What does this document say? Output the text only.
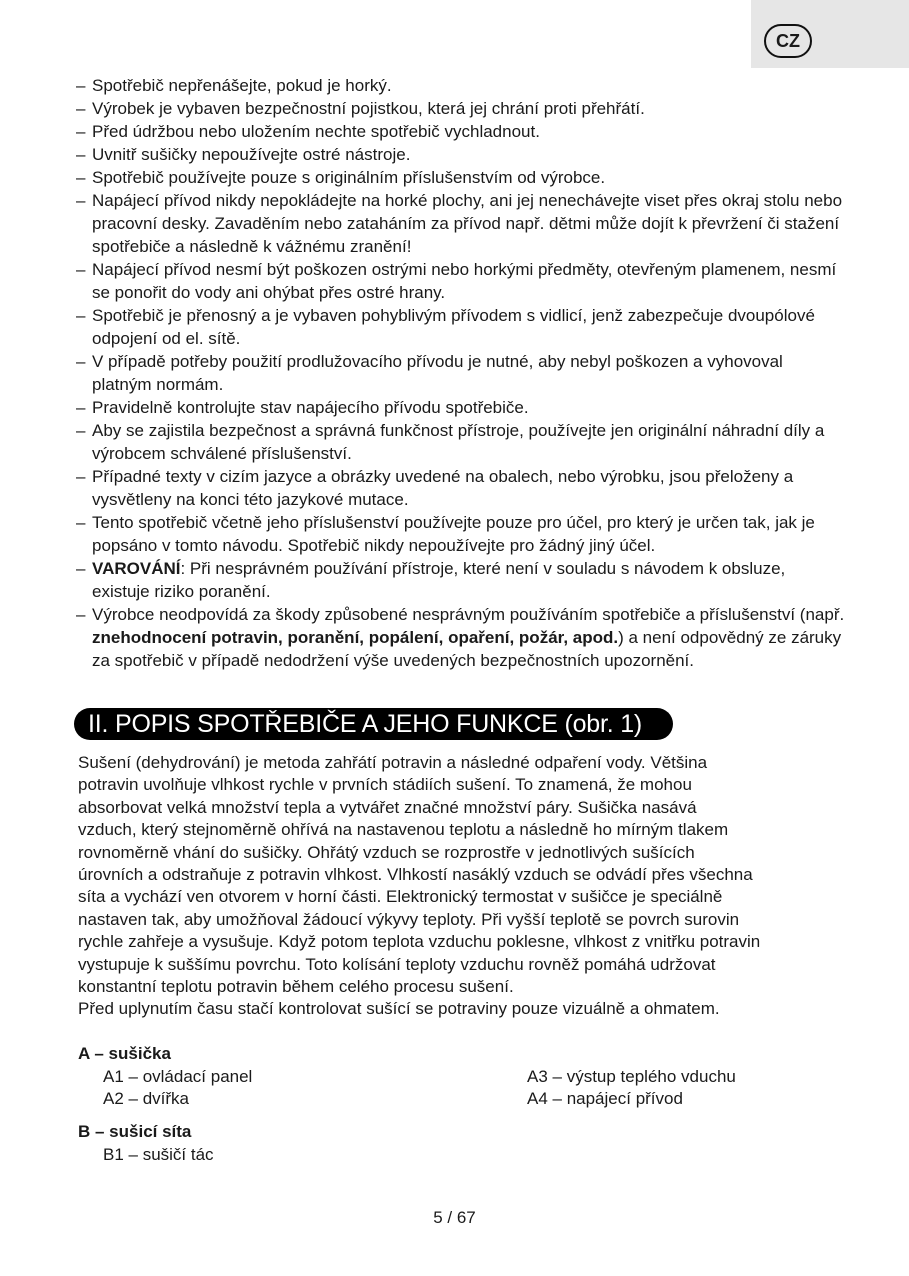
CZ
– Spotřebič nepřenášejte, pokud je horký.
– Výrobek je vybaven bezpečnostní pojistkou, která jej chrání proti přehřátí.
– Před údržbou nebo uložením nechte spotřebič vychladnout.
– Uvnitř sušičky nepoužívejte ostré nástroje.
– Spotřebič používejte pouze s originálním příslušenstvím od výrobce.
– Napájecí přívod nikdy nepokládejte na horké plochy, ani jej nenechávejte viset přes okraj stolu nebo pracovní desky. Zavaděním nebo zataháním za přívod např. dětmi může dojít k převržení či stažení spotřebiče a následně k vážnému zranění!
– Napájecí přívod nesmí být poškozen ostrými nebo horkými předměty, otevřeným plamenem, nesmí se ponořit do vody ani ohýbat přes ostré hrany.
– Spotřebič je přenosný a je vybaven pohyblivým přívodem s vidlicí, jenž zabezpečuje dvoupólové odpojení od el. sítě.
– V případě potřeby použití prodlužovacího přívodu je nutné, aby nebyl poškozen a vyhovoval platným normám.
– Pravidelně kontrolujte stav napájecího přívodu spotřebiče.
– Aby se zajistila bezpečnost a správná funkčnost přístroje, používejte jen originální náhradní díly a výrobcem schválené příslušenství.
– Případné texty v cizím jazyce a obrázky uvedené na obalech, nebo výrobku, jsou přeloženy a vysvětleny na konci této jazykové mutace.
– Tento spotřebič včetně jeho příslušenství používejte pouze pro účel, pro který je určen tak, jak je popsáno v tomto návodu. Spotřebič nikdy nepoužívejte pro žádný jiný účel.
– VAROVÁNÍ: Při nesprávném používání přístroje, které není v souladu s návodem k obsluze, existuje riziko poranění.
– Výrobce neodpovídá za škody způsobené nesprávným používáním spotřebiče a příslušenství (např. znehodnocení potravin, poranění, popálení, opaření, požár, apod.) a není odpovědný ze záruky za spotřebič v případě nedodržení výše uvedených bezpečnostních upozornění.
II. POPIS SPOTŘEBIČE A JEHO FUNKCE (obr. 1)
Sušení (dehydrování) je metoda zahřátí potravin a následné odpaření vody. Většina
potravin uvolňuje vlhkost rychle v prvních stádiích sušení. To znamená, že mohou
absorbovat velká množství tepla a vytvářet značné množství páry. Sušička nasává
vzduch, který stejnoměrně ohřívá na nastavenou teplotu a následně ho mírným tlakem
rovnoměrně vhání do sušičky. Ohřátý vzduch se rozprostře v jednotlivých sušících
úrovních a odstraňuje z potravin vlhkost. Vlhkostí nasáklý vzduch se odvádí přes všechna
síta a vychází ven otvorem v horní části. Elektronický termostat v sušičce je speciálně
nastaven tak, aby umožňoval žádoucí výkyvy teploty. Při vyšší teplotě se povrch surovin
rychle zahřeje a vysušuje. Když potom teplota vzduchu poklesne, vlhkost z vnitřku potravin
vystupuje k suššímu povrchu. Toto kolísání teploty vzduchu rovněž pomáhá udržovat
konstantní teplotu potravin během celého procesu sušení.
Před uplynutím času stačí kontrolovat sušící se potraviny pouze vizuálně a ohmatem.
A – sušička
A1 – ovládací panel
A2 – dvířka
A3 – výstup teplého vduchu
A4 – napájecí přívod
B – sušicí síta
B1 – sušičí tác
5 / 67
